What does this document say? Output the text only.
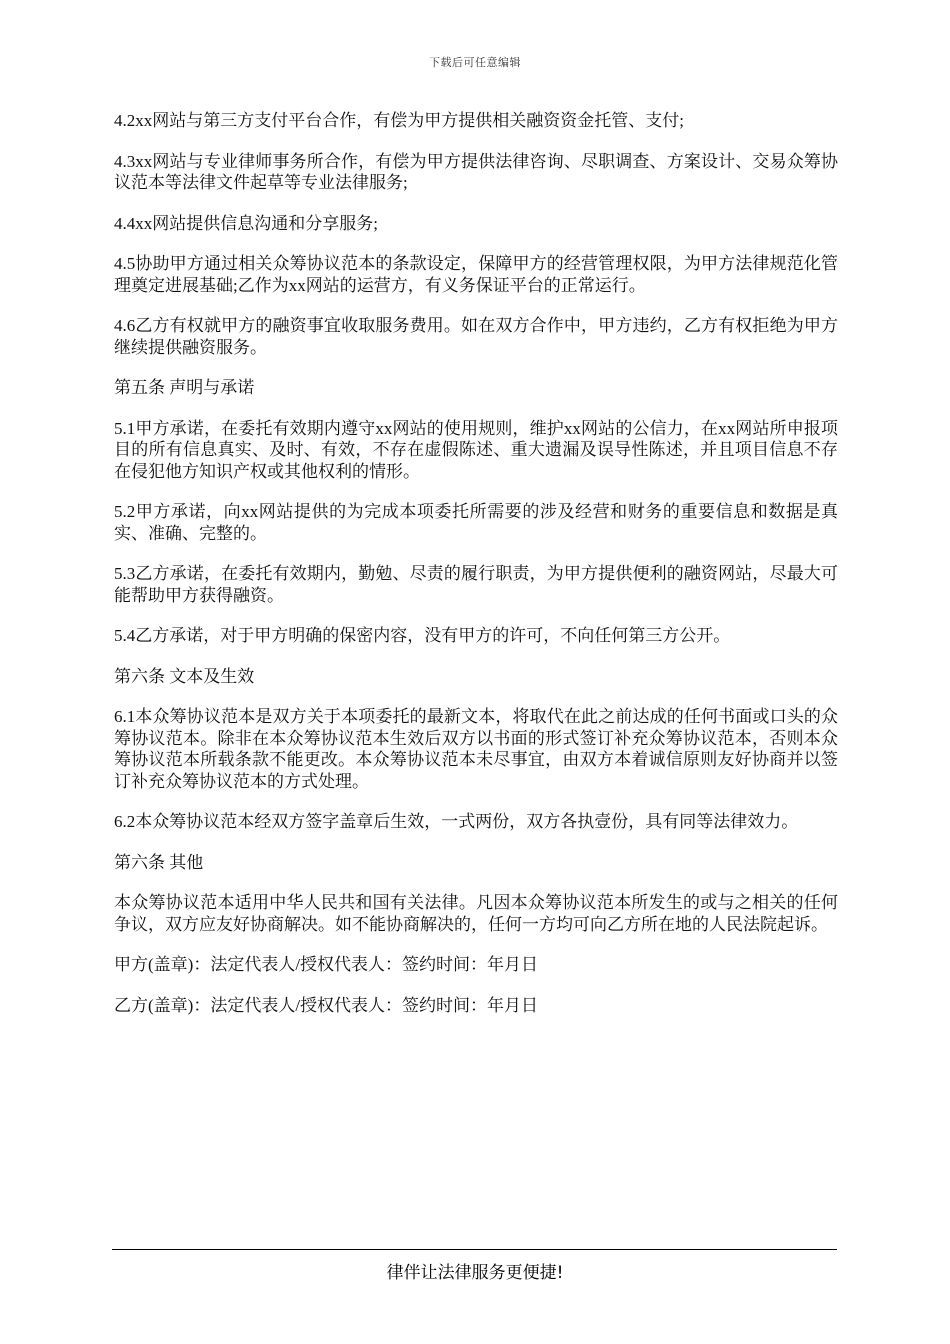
下载后可任意编辑

4.2xx网站与第三方支付平台合作，有偿为甲方提供相关融资资金托管、支付;

4.3xx网站与专业律师事务所合作，有偿为甲方提供法律咨询、尽职调查、方案设计、交易众筹协议范本等法律文件起草等专业法律服务;

4.4xx网站提供信息沟通和分享服务;

4.5协助甲方通过相关众筹协议范本的条款设定，保障甲方的经营管理权限，为甲方法律规范化管理奠定进展基础;乙作为xx网站的运营方，有义务保证平台的正常运行。

4.6乙方有权就甲方的融资事宜收取服务费用。如在双方合作中，甲方违约，乙方有权拒绝为甲方继续提供融资服务。

第五条 声明与承诺

5.1甲方承诺，在委托有效期内遵守xx网站的使用规则，维护xx网站的公信力，在xx网站所申报项目的所有信息真实、及时、有效，不存在虚假陈述、重大遗漏及误导性陈述，并且项目信息不存在侵犯他方知识产权或其他权利的情形。

5.2甲方承诺，向xx网站提供的为完成本项委托所需要的涉及经营和财务的重要信息和数据是真实、准确、完整的。

5.3乙方承诺，在委托有效期内，勤勉、尽责的履行职责，为甲方提供便利的融资网站，尽最大可能帮助甲方获得融资。

5.4乙方承诺，对于甲方明确的保密内容，没有甲方的许可，不向任何第三方公开。

第六条 文本及生效

6.1本众筹协议范本是双方关于本项委托的最新文本，将取代在此之前达成的任何书面或口头的众筹协议范本。除非在本众筹协议范本生效后双方以书面的形式签订补充众筹协议范本，否则本众筹协议范本所载条款不能更改。本众筹协议范本未尽事宜，由双方本着诚信原则友好协商并以签订补充众筹协议范本的方式处理。

6.2本众筹协议范本经双方签字盖章后生效，一式两份，双方各执壹份，具有同等法律效力。

第六条 其他

本众筹协议范本适用中华人民共和国有关法律。凡因本众筹协议范本所发生的或与之相关的任何争议，双方应友好协商解决。如不能协商解决的，任何一方均可向乙方所在地的人民法院起诉。

甲方(盖章)：法定代表人/授权代表人：签约时间：年月日

乙方(盖章)：法定代表人/授权代表人：签约时间：年月日

律伴让法律服务更便捷!
